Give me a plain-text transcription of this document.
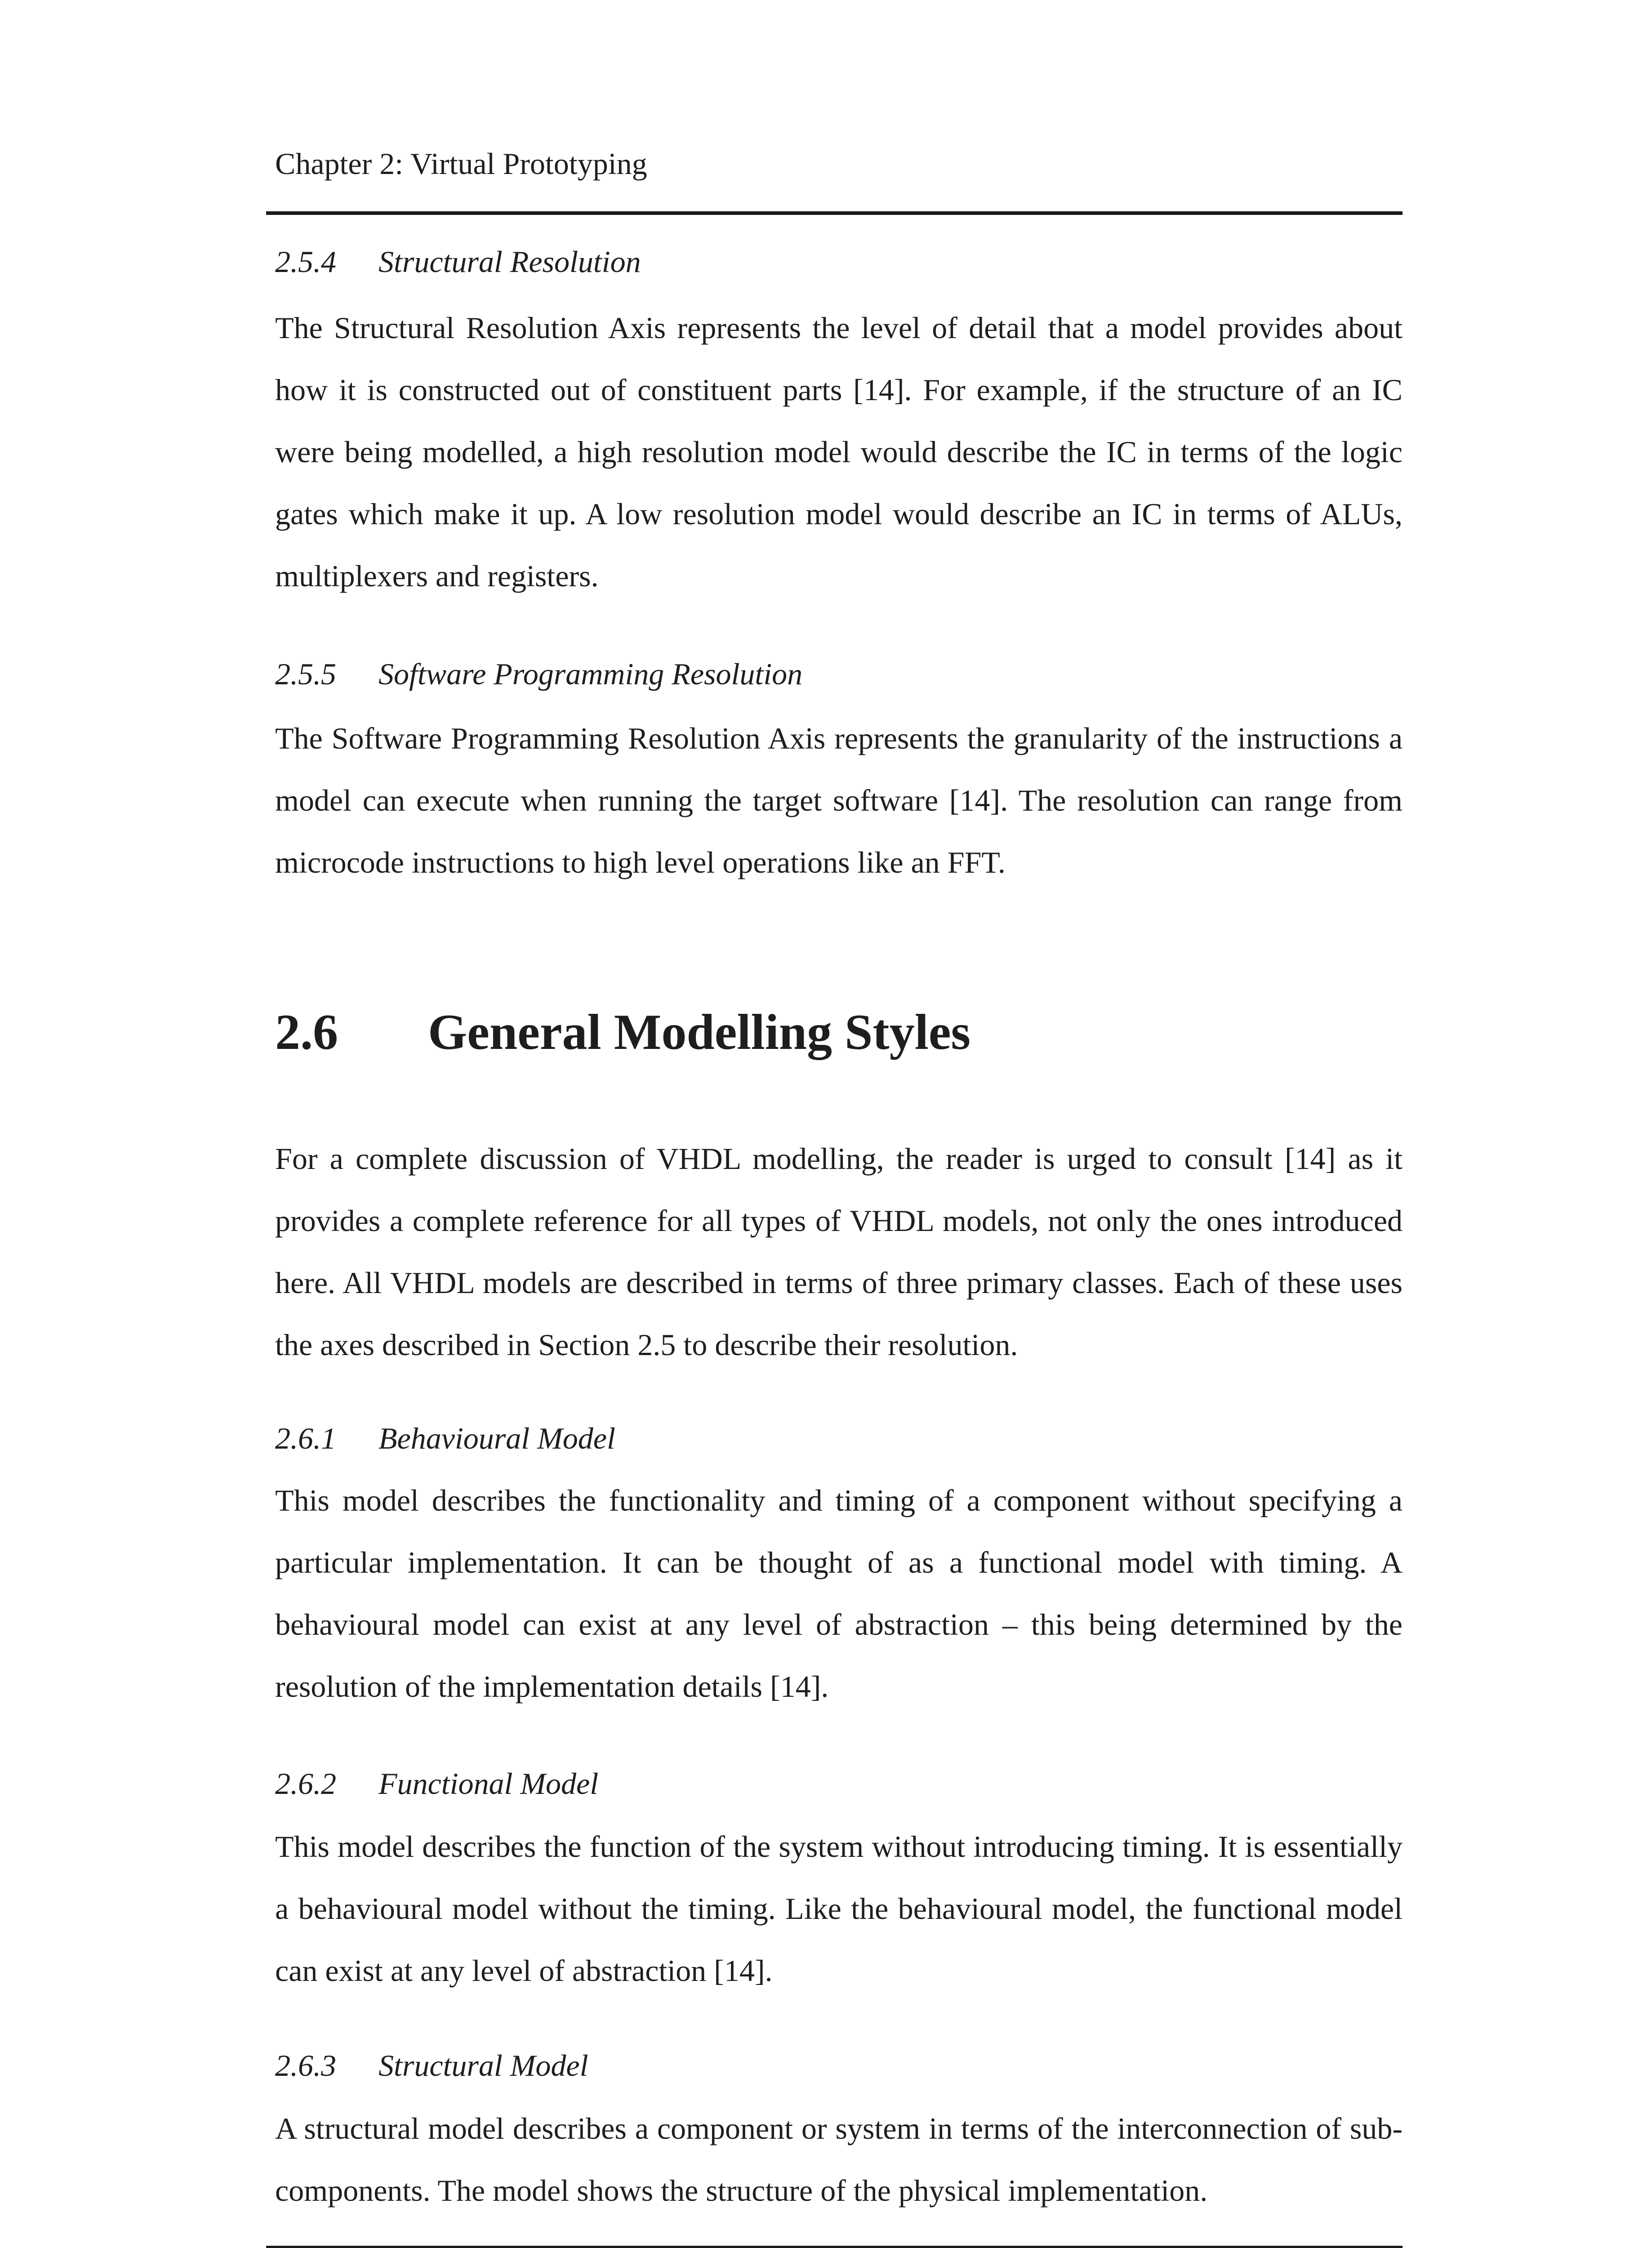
Chapter 2: Virtual Prototyping
2.5.4 Structural Resolution
The Structural Resolution Axis represents the level of detail that a model provides about how it is constructed out of constituent parts [14]. For example, if the structure of an IC were being modelled, a high resolution model would describe the IC in terms of the logic gates which make it up. A low resolution model would describe an IC in terms of ALUs, multiplexers and registers.
2.5.5 Software Programming Resolution
The Software Programming Resolution Axis represents the granularity of the instructions a model can execute when running the target software [14]. The resolution can range from microcode instructions to high level operations like an FFT.
2.6 General Modelling Styles
For a complete discussion of VHDL modelling, the reader is urged to consult [14] as it provides a complete reference for all types of VHDL models, not only the ones introduced here. All VHDL models are described in terms of three primary classes. Each of these uses the axes described in Section 2.5 to describe their resolution.
2.6.1 Behavioural Model
This model describes the functionality and timing of a component without specifying a particular implementation. It can be thought of as a functional model with timing. A behavioural model can exist at any level of abstraction – this being determined by the resolution of the implementation details [14].
2.6.2 Functional Model
This model describes the function of the system without introducing timing. It is essentially a behavioural model without the timing. Like the behavioural model, the functional model can exist at any level of abstraction [14].
2.6.3 Structural Model
A structural model describes a component or system in terms of the interconnection of sub-components. The model shows the structure of the physical implementation.
